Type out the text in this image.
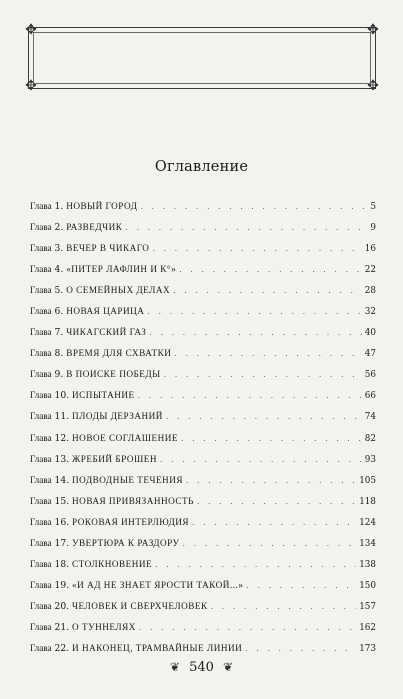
✥	✥
✥	✥
Оглавление
Глава 1. НОВЫЙ ГОРОД . . .	5
Глава 2. РАЗВЕДЧИК . . .	9
Глава 3. ВЕЧЕР В ЧИКАГО . . .	16
Глава 4. «ПИТЕР ЛАФЛИН И К°» . . .	22
Глава 5. О СЕМЕЙНЫХ ДЕЛАХ . . .	28
Глава 6. НОВАЯ ЦАРИЦА . . .	32
Глава 7. ЧИКАГСКИЙ ГАЗ . . .	40
Глава 8. ВРЕМЯ ДЛЯ СХВАТКИ . . .	47
Глава 9. В ПОИСКЕ ПОБЕДЫ . . .	56
Глава 10. ИСПЫТАНИЕ . . .	66
Глава 11. ПЛОДЫ ДЕРЗАНИЙ . . .	74
Глава 12. НОВОЕ СОГЛАШЕНИЕ . . .	82
Глава 13. ЖРЕБИЙ БРОШЕН . . .	93
Глава 14. ПОДВОДНЫЕ ТЕЧЕНИЯ . . .	105
Глава 15. НОВАЯ ПРИВЯЗАННОСТЬ . . .	118
Глава 16. РОКОВАЯ ИНТЕРЛЮДИЯ . . .	124
Глава 17. УВЕРТЮРА К РАЗДОРУ . . .	134
Глава 18. СТОЛКНОВЕНИЕ . . .	138
Глава 19. «И АД НЕ ЗНАЕТ ЯРОСТИ ТАКОЙ...» . . .	150
Глава 20. ЧЕЛОВЕК И СВЕРХЧЕЛОВЕК . . .	157
Глава 21. О ТУННЕЛЯХ . . .	162
Глава 22. И НАКОНЕЦ, ТРАМВАЙНЫЕ ЛИНИИ . . .	173
❦ 540 ❦
